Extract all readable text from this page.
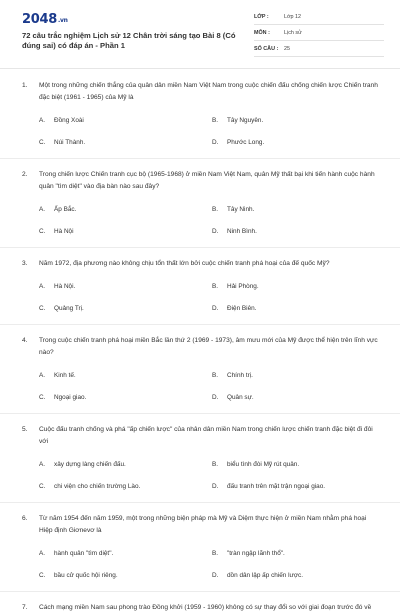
2048.vn
72 câu trắc nghiệm Lịch sử 12 Chân trời sáng tạo Bài 8 (Có đúng sai) có đáp án - Phần 1
LỚP :	Lớp 12
MÔN :	Lịch sử
SỐ CÂU : 25
1. Một trong những chiến thắng của quân dân miền Nam Việt Nam trong cuộc chiến đấu chống chiến lược Chiến tranh đặc biệt (1961 - 1965) của Mỹ là
A. Đồng Xoài	B. Tây Nguyên.
C. Núi Thành.	D. Phước Long.
2. Trong chiến lược Chiến tranh cục bộ (1965-1968) ở miền Nam Việt Nam, quân Mỹ thất bại khi tiến hành cuộc hành quân "tìm diệt" vào địa bàn nào sau đây?
A. Ấp Bắc.	B. Tây Ninh.
C. Hà Nội	D. Ninh Bình.
3. Năm 1972, địa phương nào không chịu tổn thất lớn bởi cuộc chiến tranh phá hoại của đế quốc Mỹ?
A. Hà Nội.	B. Hải Phòng.
C. Quảng Trị.	D. Điện Biên.
4. Trong cuộc chiến tranh phá hoại miền Bắc lần thứ 2 (1969 - 1973), âm mưu mới của Mỹ được thể hiện trên lĩnh vực nào?
A. Kinh tế.	B. Chính trị.
C. Ngoại giao.	D. Quân sự.
5. Cuộc đấu tranh chống và phá "ấp chiến lược" của nhân dân miền Nam trong chiến lược chiến tranh đặc biệt đi đôi với
A. xây dựng làng chiến đấu.	B. biểu tình đòi Mỹ rút quân.
C. chi viện cho chiến trường Lào.	D. đấu tranh trên mặt trận ngoại giao.
6. Từ năm 1954 đến năm 1959, một trong những biện pháp mà Mỹ và Diệm thực hiện ở miền Nam nhằm phá hoại Hiệp định Giơnevơ là
A. hành quân "tìm diệt".	B. "tràn ngập lãnh thổ".
C. bầu cử quốc hội riêng.	D. dồn dân lập ấp chiến lược.
7. Cách mạng miền Nam sau phong trào Đồng khởi (1959 - 1960) không có sự thay đổi so với giai đoạn trước đó về
